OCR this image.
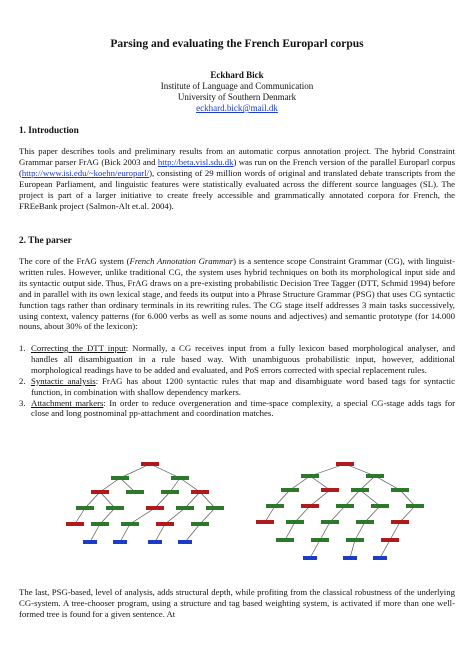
Parsing and evaluating the French Europarl corpus
Eckhard Bick
Institute of Language and Communication
University of Southern Denmark
eckhard.bick@mail.dk
1. Introduction
This paper describes tools and preliminary results from an automatic corpus annotation project. The hybrid Constraint Grammar parser FrAG (Bick 2003 and http://beta.visl.sdu.dk) was run on the French version of the parallel Europarl corpus (http://www.isi.edu/~koehn/europarl/), consisting of 29 million words of original and translated debate transcripts from the European Parliament, and linguistic features were statistically evaluated across the different source languages (SL). The project is part of a larger initiative to create freely accessible and grammatically annotated corpora for French, the FREeBank project (Salmon-Alt et.al. 2004).
2. The parser
The core of the FrAG system (French Annotation Grammar) is a sentence scope Constraint Grammar (CG), with linguist-written rules. However, unlike traditional CG, the system uses hybrid techniques on both its morphological input side and its syntactic output side. Thus, FrAG draws on a pre-existing probabilistic Decision Tree Tagger (DTT, Schmid 1994) before and in parallel with its own lexical stage, and feeds its output into a Phrase Structure Grammar (PSG) that uses CG syntactic function tags rather than ordinary terminals in its rewriting rules. The CG stage itself addresses 3 main tasks successively, using context, valency patterns (for 6.000 verbs as well as some nouns and adjectives) and semantic prototype (for 14.000 nouns, about 30% of the lexicon):
1. Correcting the DTT input: Normally, a CG receives input from a fully lexicon based morphological analyser, and handles all disambiguation in a rule based way. With unambiguous probabilistic input, however, additional morphological readings have to be added and evaluated, and PoS errors corrected with special replacement rules.
2. Syntactic analysis: FrAG has about 1200 syntactic rules that map and disambiguate word based tags for syntactic function, in combination with shallow dependency markers.
3. Attachment markers: In order to reduce overgeneration and time-space complexity, a special CG-stage adds tags for close and long postnominal pp-attachment and coordination matches.
The last, PSG-based, level of analysis, adds structural depth, while profiting from the classical robustness of the underlying CG-system. A tree-chooser program, using a structure and tag based weighting system, is activated if more than one well-formed tree is found for a given sentence. At
